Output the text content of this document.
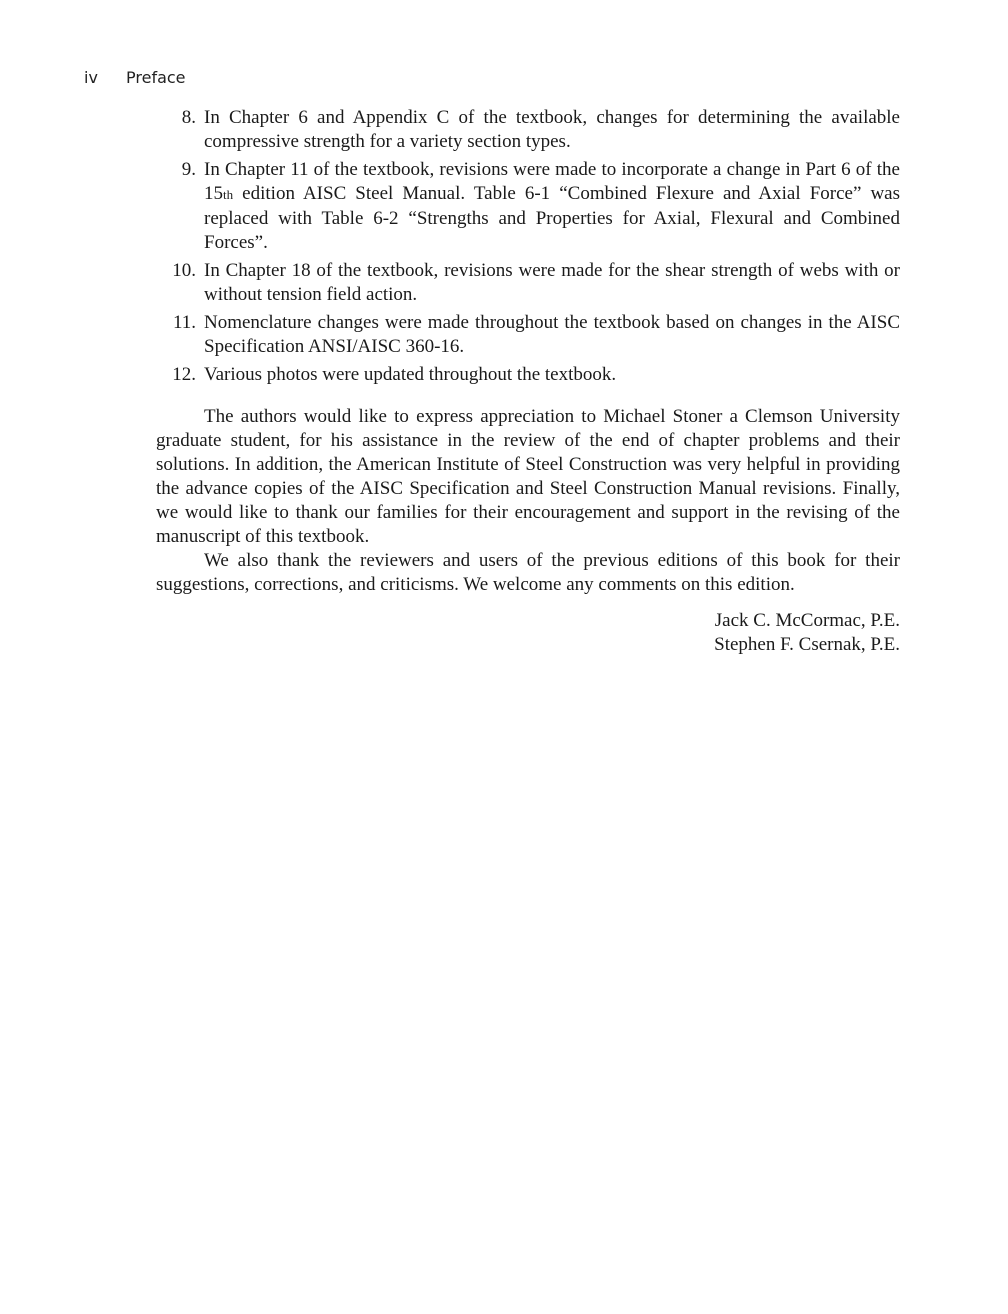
iv Preface
8. In Chapter 6 and Appendix C of the textbook, changes for determining the available compressive strength for a variety section types.
9. In Chapter 11 of the textbook, revisions were made to incorporate a change in Part 6 of the 15th edition AISC Steel Manual. Table 6-1 “Combined Flexure and Axial Force” was replaced with Table 6-2 “Strengths and Properties for Axial, Flexural and Combined Forces”.
10. In Chapter 18 of the textbook, revisions were made for the shear strength of webs with or without tension field action.
11. Nomenclature changes were made throughout the textbook based on changes in the AISC Specification ANSI/AISC 360-16.
12. Various photos were updated throughout the textbook.

The authors would like to express appreciation to Michael Stoner a Clemson University graduate student, for his assistance in the review of the end of chapter problems and their solutions. In addition, the American Institute of Steel Construction was very helpful in providing the advance copies of the AISC Specification and Steel Construction Manual revisions. Finally, we would like to thank our families for their encouragement and support in the revising of the manuscript of this textbook.

We also thank the reviewers and users of the previous editions of this book for their suggestions, corrections, and criticisms. We welcome any comments on this edition.

Jack C. McCormac, P.E.
Stephen F. Csernak, P.E.
